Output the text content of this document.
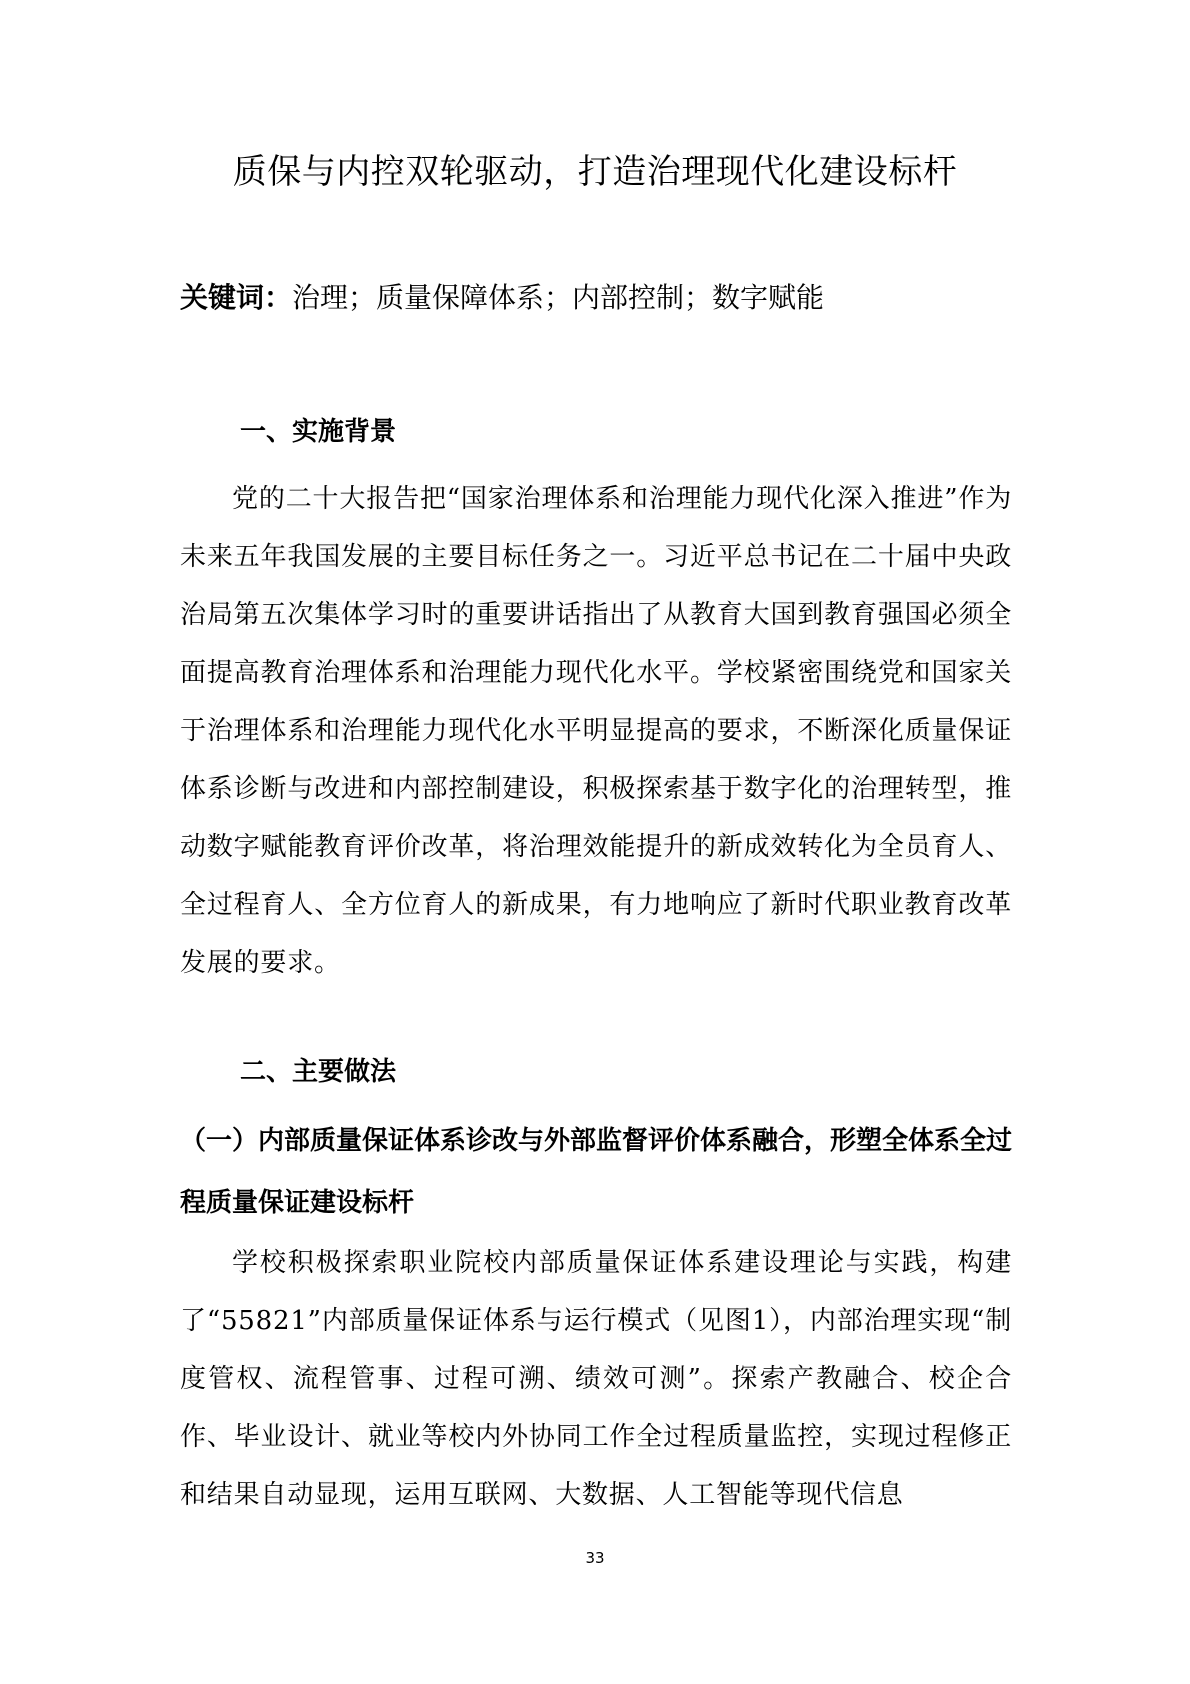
质保与内控双轮驱动，打造治理现代化建设标杆
关键词：治理；质量保障体系；内部控制；数字赋能
一、实施背景
党的二十大报告把“国家治理体系和治理能力现代化深入推进”作为未来五年我国发展的主要目标任务之一。习近平总书记在二十届中央政治局第五次集体学习时的重要讲话指出了从教育大国到教育强国必须全面提高教育治理体系和治理能力现代化水平。学校紧密围绕党和国家关于治理体系和治理能力现代化水平明显提高的要求，不断深化质量保证体系诊断与改进和内部控制建设，积极探索基于数字化的治理转型，推动数字赋能教育评价改革，将治理效能提升的新成效转化为全员育人、全过程育人、全方位育人的新成果，有力地响应了新时代职业教育改革发展的要求。
二、主要做法
（一）内部质量保证体系诊改与外部监督评价体系融合，形塑全体系全过程质量保证建设标杆
学校积极探索职业院校内部质量保证体系建设理论与实践，构建了“55821”内部质量保证体系与运行模式（见图1），内部治理实现“制度管权、流程管事、过程可溯、绩效可测”。探索产教融合、校企合作、毕业设计、就业等校内外协同工作全过程质量监控，实现过程修正和结果自动显现，运用互联网、大数据、人工智能等现代信息
33
